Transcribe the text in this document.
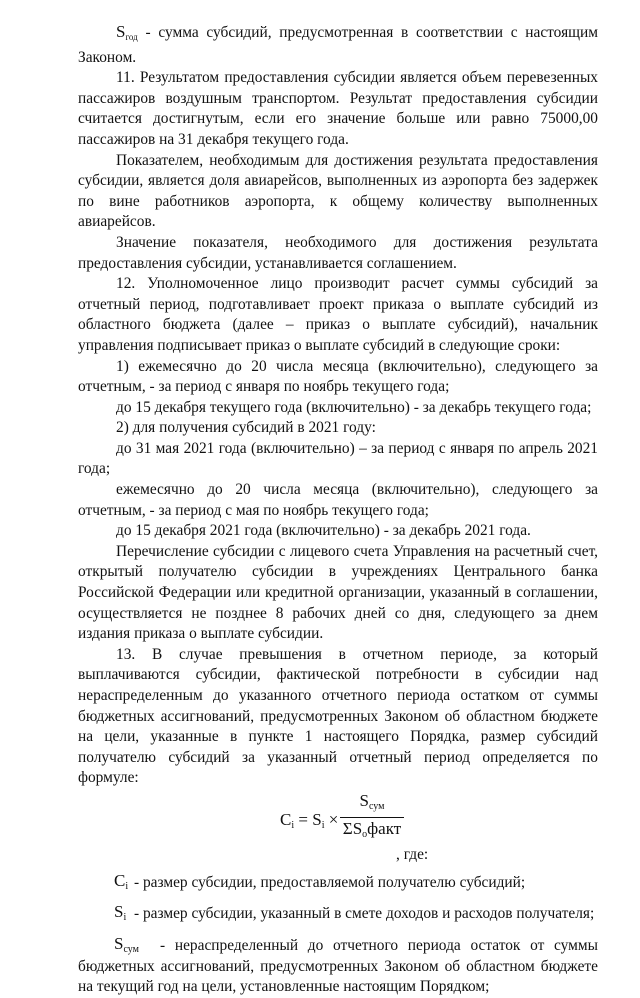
$S_{год}$ - сумма субсидий, предусмотренная в соответствии с настоящим Законом.

11. Результатом предоставления субсидии является объем перевезенных пассажиров воздушным транспортом. Результат предоставления субсидии считается достигнутым, если его значение больше или равно 75000,00 пассажиров на 31 декабря текущего года.

Показателем, необходимым для достижения результата предоставления субсидии, является доля авиарейсов, выполненных из аэропорта без задержек по вине работников аэропорта, к общему количеству выполненных авиарейсов.

Значение показателя, необходимого для достижения результата предоставления субсидии, устанавливается соглашением.

12. Уполномоченное лицо производит расчет суммы субсидий за отчетный период, подготавливает проект приказа о выплате субсидий из областного бюджета (далее – приказ о выплате субсидий), начальник управления подписывает приказ о выплате субсидий в следующие сроки:

1) ежемесячно до 20 числа месяца (включительно), следующего за отчетным, - за период с января по ноябрь текущего года;

до 15 декабря текущего года (включительно) - за декабрь текущего года;

2) для получения субсидий в 2021 году:

до 31 мая 2021 года (включительно) – за период с января по апрель 2021 года;

ежемесячно до 20 числа месяца (включительно), следующего за отчетным, - за период с мая по ноябрь текущего года;

до 15 декабря 2021 года (включительно) - за декабрь 2021 года.

Перечисление субсидии с лицевого счета Управления на расчетный счет, открытый получателю субсидии в учреждениях Центрального банка Российской Федерации или кредитной организации, указанный в соглашении, осуществляется не позднее 8 рабочих дней со дня, следующего за днем издания приказа о выплате субсидии.

13. В случае превышения в отчетном периоде, за который выплачиваются субсидии, фактической потребности в субсидии над нераспределенным до указанного отчетного периода остатком от суммы бюджетных ассигнований, предусмотренных Законом об областном бюджете на цели, указанные в пункте 1 настоящего Порядка, размер субсидий получателю субсидий за указанный отчетный период определяется по формуле:

Ci = Si ×
Sсум
ΣSoфакт
, где:
Ci - размер субсидии, предоставляемой получателю субсидий;

Si - размер субсидии, указанный в смете доходов и расходов получателя;

Sсум	- нераспределенный до отчетного периода остаток от суммы бюджетных ассигнований, предусмотренных Законом об областном бюджете на текущий год на цели, установленные настоящим Порядком;
